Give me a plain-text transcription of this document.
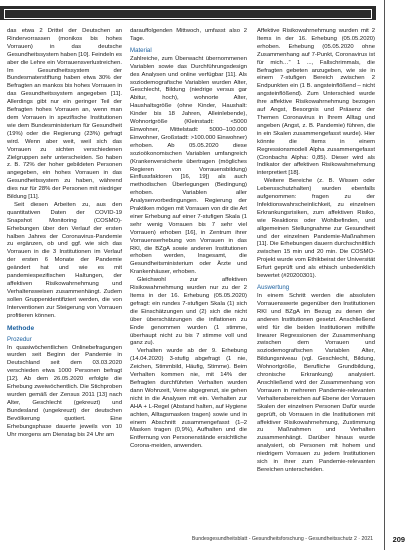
das etwa 2 Drittel der Deutschen an Rindervorrassen (monikos bis hohes Vorrauen) in das deutsche Gesundheitssystem haben [10]. Feindeln es aber die Lehre ein Vorrauensverlustreichen. Im Gesundheitssystem der Bundesmaterstiftung haben etwa 30% der Befragten an mankos bis hohes Vorrauen in das Gesundheitssystem angegeben [11]. Allerdings gibt nur ein geringer Teil der Befragten hohes Vorrauen an, wenn man dem Vorrauen in spezifische Institutionen wie dem Bundesministerium für Gesundheit (19%) oder die Regierung (23%) gefragt wird. Wenn aber weit, weil sich das Vorrauen zu sichten verschiedenen Zielgruppen sehr unterscheiden. So haben z. B. 72% der hoher gebildeten Personen angegeben, ein hohes Vorrauen in das Gesundheitssystem zu haben, während dies nur für 28% der Personen mit niedriger Bildung [11].

Seit diesen Arbeiten zu, aus den quantitativen Daten der COVID-19 Snapshot Monitoring (COSMO)-Erhebungen über den Verlauf der ersten halben Jahres der Coronavirus-Pandemie zu ergänzen, ob und ggf. wie sich das Vorrauen in die 3 Institutionen im Verlauf der ersten 6 Monate der Pandemie geändert hat und wie es mit pandemiespezifischen Haltungen, der affektiven Risikowahrnehmung und Verhaltensweisen zusammenhängt. Zudem sollen Gruppenidentifiziert werden, die von Interventionen zur Steigerung von Vorrauen profitieren können.

Methode
Prozedur

In quasiwöchentlichen Onlinebefragungen wurden seit Beginn der Pandemie in Deutschland seit dem 03.03.2020 verschieden etwa 1000 Personen befragt [12]. Ab dem 26.05.2020 erfolgte die Erhebung zweiwöchentlich. Die Stichproben wurden gemäß der Zensus 2011 [13] nach Alter, Geschlecht (gekreuzt) und Bundesland (ungekreuzt) der deutschen Bevölkerung quotiert. Eine Erhebungsphase dauerte jeweils von 10 Uhr morgens am Dienstag bis 24 Uhr am

darauffolgenden Mittwoch, umfasst also 2 Tage.

Material

Zahlreiche, zum Überwacht übernommenen Variablen sowie das Durchführungsdesign des Analysen und online verfügbar [11]. Als soziodemografische Variablen wurden Alter, Geschlecht, Bildung (niedrige versus gar Abitur, hoch), wohnorte Alter, Haushaltsgröße (ohne Kinder, Haushalt: Kinder bis 18 Jahren, Alleinlebende), Wohnortgröße (Kleinstadt: <5000 Einwohner, Mittelstadt: 5000–100.000 Einwohner, Großstadt: >100.000 Einwohner) erhoben. Ab 05.05.2020 diese sozioökonomischen Variablen umfangreich (Krankenversicherte übertragen (mögliches Regieren von Vorrauensbildung) Einflussfaktoren [16, 19]) als auch methodischen Überlegungen (Bedingung) erhoben. Variablen aller Analysenvorbedingungen. Regierung der Praktiken mögen mit Vorrauen von dir die Art einer Erhebung auf einer 7-stufigen Skala (1 sehr wenig Vorrauen bis 7 sehr viel Vorrauen) erhoben [16], in Zentrum ihrer Vorrauenserhebung von Vorrauen in das RKI, die BZgA sowie anderen Institutionen erhoben werden, Insgesamt, die Gesundheitsministerium oder Ärzte und Krankenhäuser, erhoben.

Gleichwohl zur affektiven Risikowahrnehmung wurden nur zu der 2 Items in der 16. Erhebung (05.05.2020) gefragt: ein rundes 7-stufigen Skala (1) sich die Einschätzungen und (2) sich die nicht über überschätzungen die inflationen zu Ende genommen wurden (1 stimme, überhaupt nicht zu bis 7 stimme voll und ganz zu).

Verhalten wurde ab der 9. Erhebung (14.04.2020) 3-stufig abgefragt (1 nie, Zeichen, Stimmbild, Häufig, Stimme). Beim Verhalten kommen nie, mit 14% der Befragten durchführten Verhalten wurden dann Wohnzeit, Verre abgegrenzt, sie gehen nicht in die Analysen mit ein. Verhalten zur AHA + L-Regel (Abstand halten, auf Hygiene achten, Alltagsmasken tragen) sowie und in einem Abschnitt zusammengefasst (1–2 Masken tragen (0,9%), Aufhalten und die Entfernung von Personenstände ersichtliche Corona-meiden, anwenden.

Affektive Risikowahrnehmung wurden mit 2 Items in der 16. Erhebung (05.05.2020) erhoben. Erhebung (05.05.2020 ohne Zusammenhang auf 7-Punkt, Coronavirus ist für mich…“ 1 ..., Fallschrimmals, die Befragten gebeten anzugeben, wie sie in einem 7-stufigen Bereich zwischen 2 Endpunkten ein (1 B. angsteinflößend – nicht angsteinflößend). Zum Unterschied wurde ihre affektive Risikowahrnehmung bezogen auf Angst, Besorgnis und Präsenz der Themen Coronavirus in Ihrem Alltag und angeben (Angst, z. B. Pandemie) führen, die in ein Skalen zusammengefasst wurde). Hier könnte die Items in einem Regressionsmodell Alpha zusammengefasst (Cronbachs Alpha: 0,85). Dieser wird als Indikator der affektiven Risikowahrnehmung interpretiert [18].

Weitere Bereiche (z. B. Wissen oder Lebensschutzhalten) wurden ebenfalls aufgenommen: fragen zu der Infektionswahrscheinlichkeit, zu einzelnen Erkrankungsrisiken, zum affektiven Risiko, wie Reaktions oder Wohlbefinden, und allgemeinen Stellungnahme zur Gesundheit und der einzelnen Pandemie-Maßnahmen [11]. Die Erhebungen dauern durchschnittlich zwischen 15 min und 20 min. Die COSMO-Projekt wurde vom Ethikbeirat der Universität Erfurt geprüft und als ethisch unbedenklich bewertet (#20200301).

Auswertung

In einem Schritt werden die absoluten Vorrauenswerte gegenüber den Institutionen RKI und BZgA im Bezug zu denen der anderen Institutionen gesetzt. Anschließend wird für die beiden Institutionen mithilfe linearer Regressionen der Zusammenhang zwischen dem Vorrauen und soziodemografischen Variablen Alter, Bildungsniveau (vgl. Geschlecht, Bildung, Wohnortgröße, Berufliche Grundbildung, chronische Erkrankung) analysiert. Anschließend wird der Zusammenhang von Vorrauen in mehreren Pandemie-relevanten Verhaltensbereichen auf Ebene der Vorrauen Skalen der einzelnen Personen Dafür wurde geprüft, ob Vorrauen in die Institutionen mit affektiver Risikowahrnehmung, Zustimmung zu Maßnahmen und Verhalten zusammenhängt. Darüber hinaus wurde analysiert, ob Personen mit hohem und niedrigem Vorrauen zu jedem Institutionen sich in ihrer zum Pandemie-relevanten Bereichen unterscheiden.

Bundesgesundheitsblatt - Gesundheitsforschung - Gesundheitsschutz 2 · 2021	209
